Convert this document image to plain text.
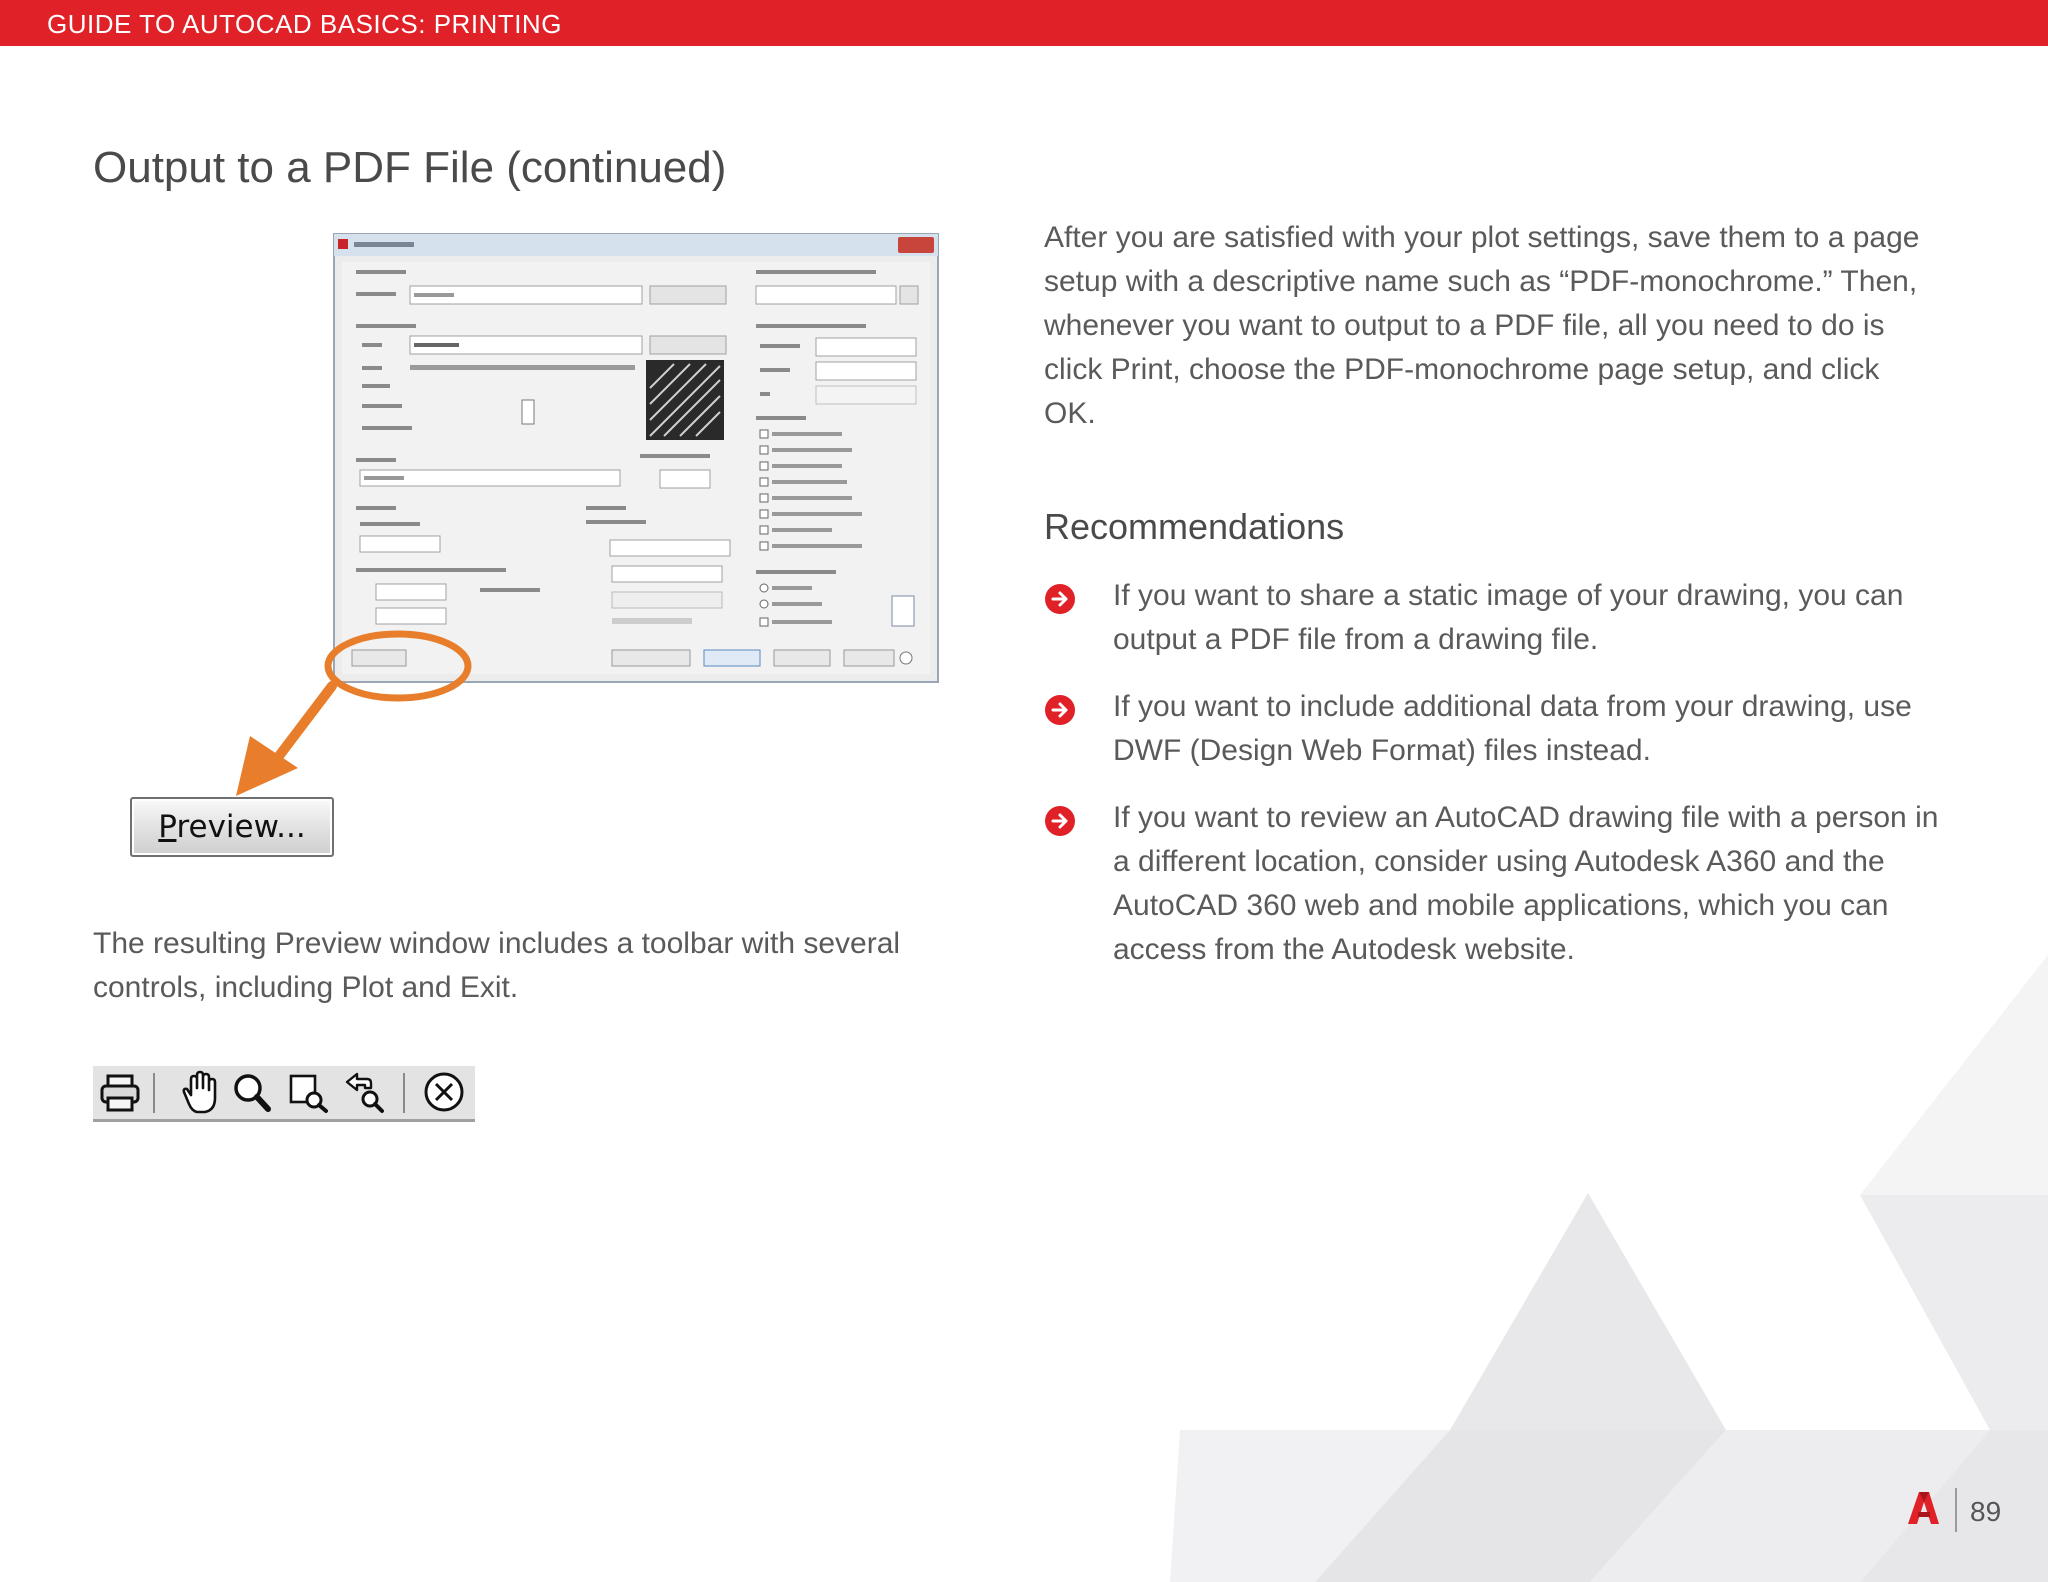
GUIDE TO AUTOCAD BASICS: PRINTING
Output to a PDF File (continued)
Preview...

The resulting Preview window includes a toolbar with several controls, including Plot and Exit.

After you are satisfied with your plot settings, save them to a page setup with a descriptive name such as “PDF-monochrome.” Then, whenever you want to output to a PDF file, all you need to do is click Print, choose the PDF-monochrome page setup, and click OK.

Recommendations
If you want to share a static image of your drawing, you can output a PDF file from a drawing file.
If you want to include additional data from your drawing, use DWF (Design Web Format) files instead.
If you want to review an AutoCAD drawing file with a person in a different location, consider using Autodesk A360 and the AutoCAD 360 web and mobile applications, which you can access from the Autodesk website.
89
